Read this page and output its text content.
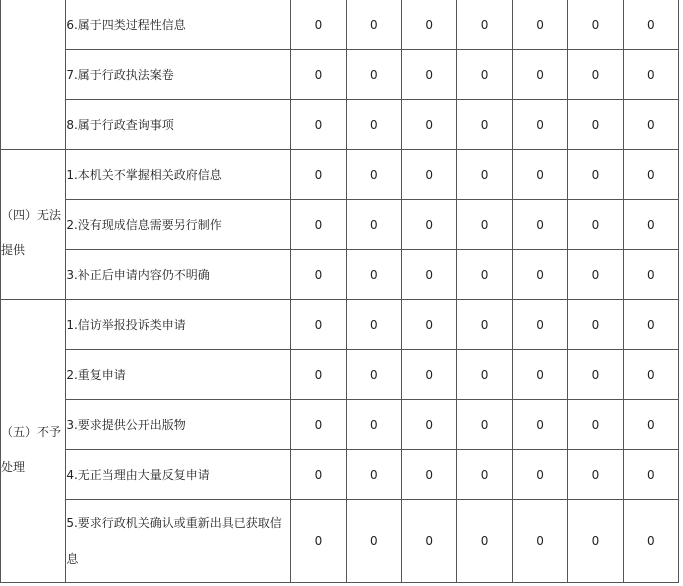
	6.属于四类过程性信息	0	0	0	0	0	0	0
	7.属于行政执法案卷	0	0	0	0	0	0	0
	8.属于行政查询事项	0	0	0	0	0	0	0

（四）无法提供	1.本机关不掌握相关政府信息	0	0	0	0	0	0	0
	2.没有现成信息需要另行制作	0	0	0	0	0	0	0
	3.补正后申请内容仍不明确	0	0	0	0	0	0	0

（五）不予处理	1.信访举报投诉类申请	0	0	0	0	0	0	0
	2.重复申请	0	0	0	0	0	0	0
	3.要求提供公开出版物	0	0	0	0	0	0	0
	4.无正当理由大量反复申请	0	0	0	0	0	0	0
	5.要求行政机关确认或重新出具已获取信息	0	0	0	0	0	0	0
